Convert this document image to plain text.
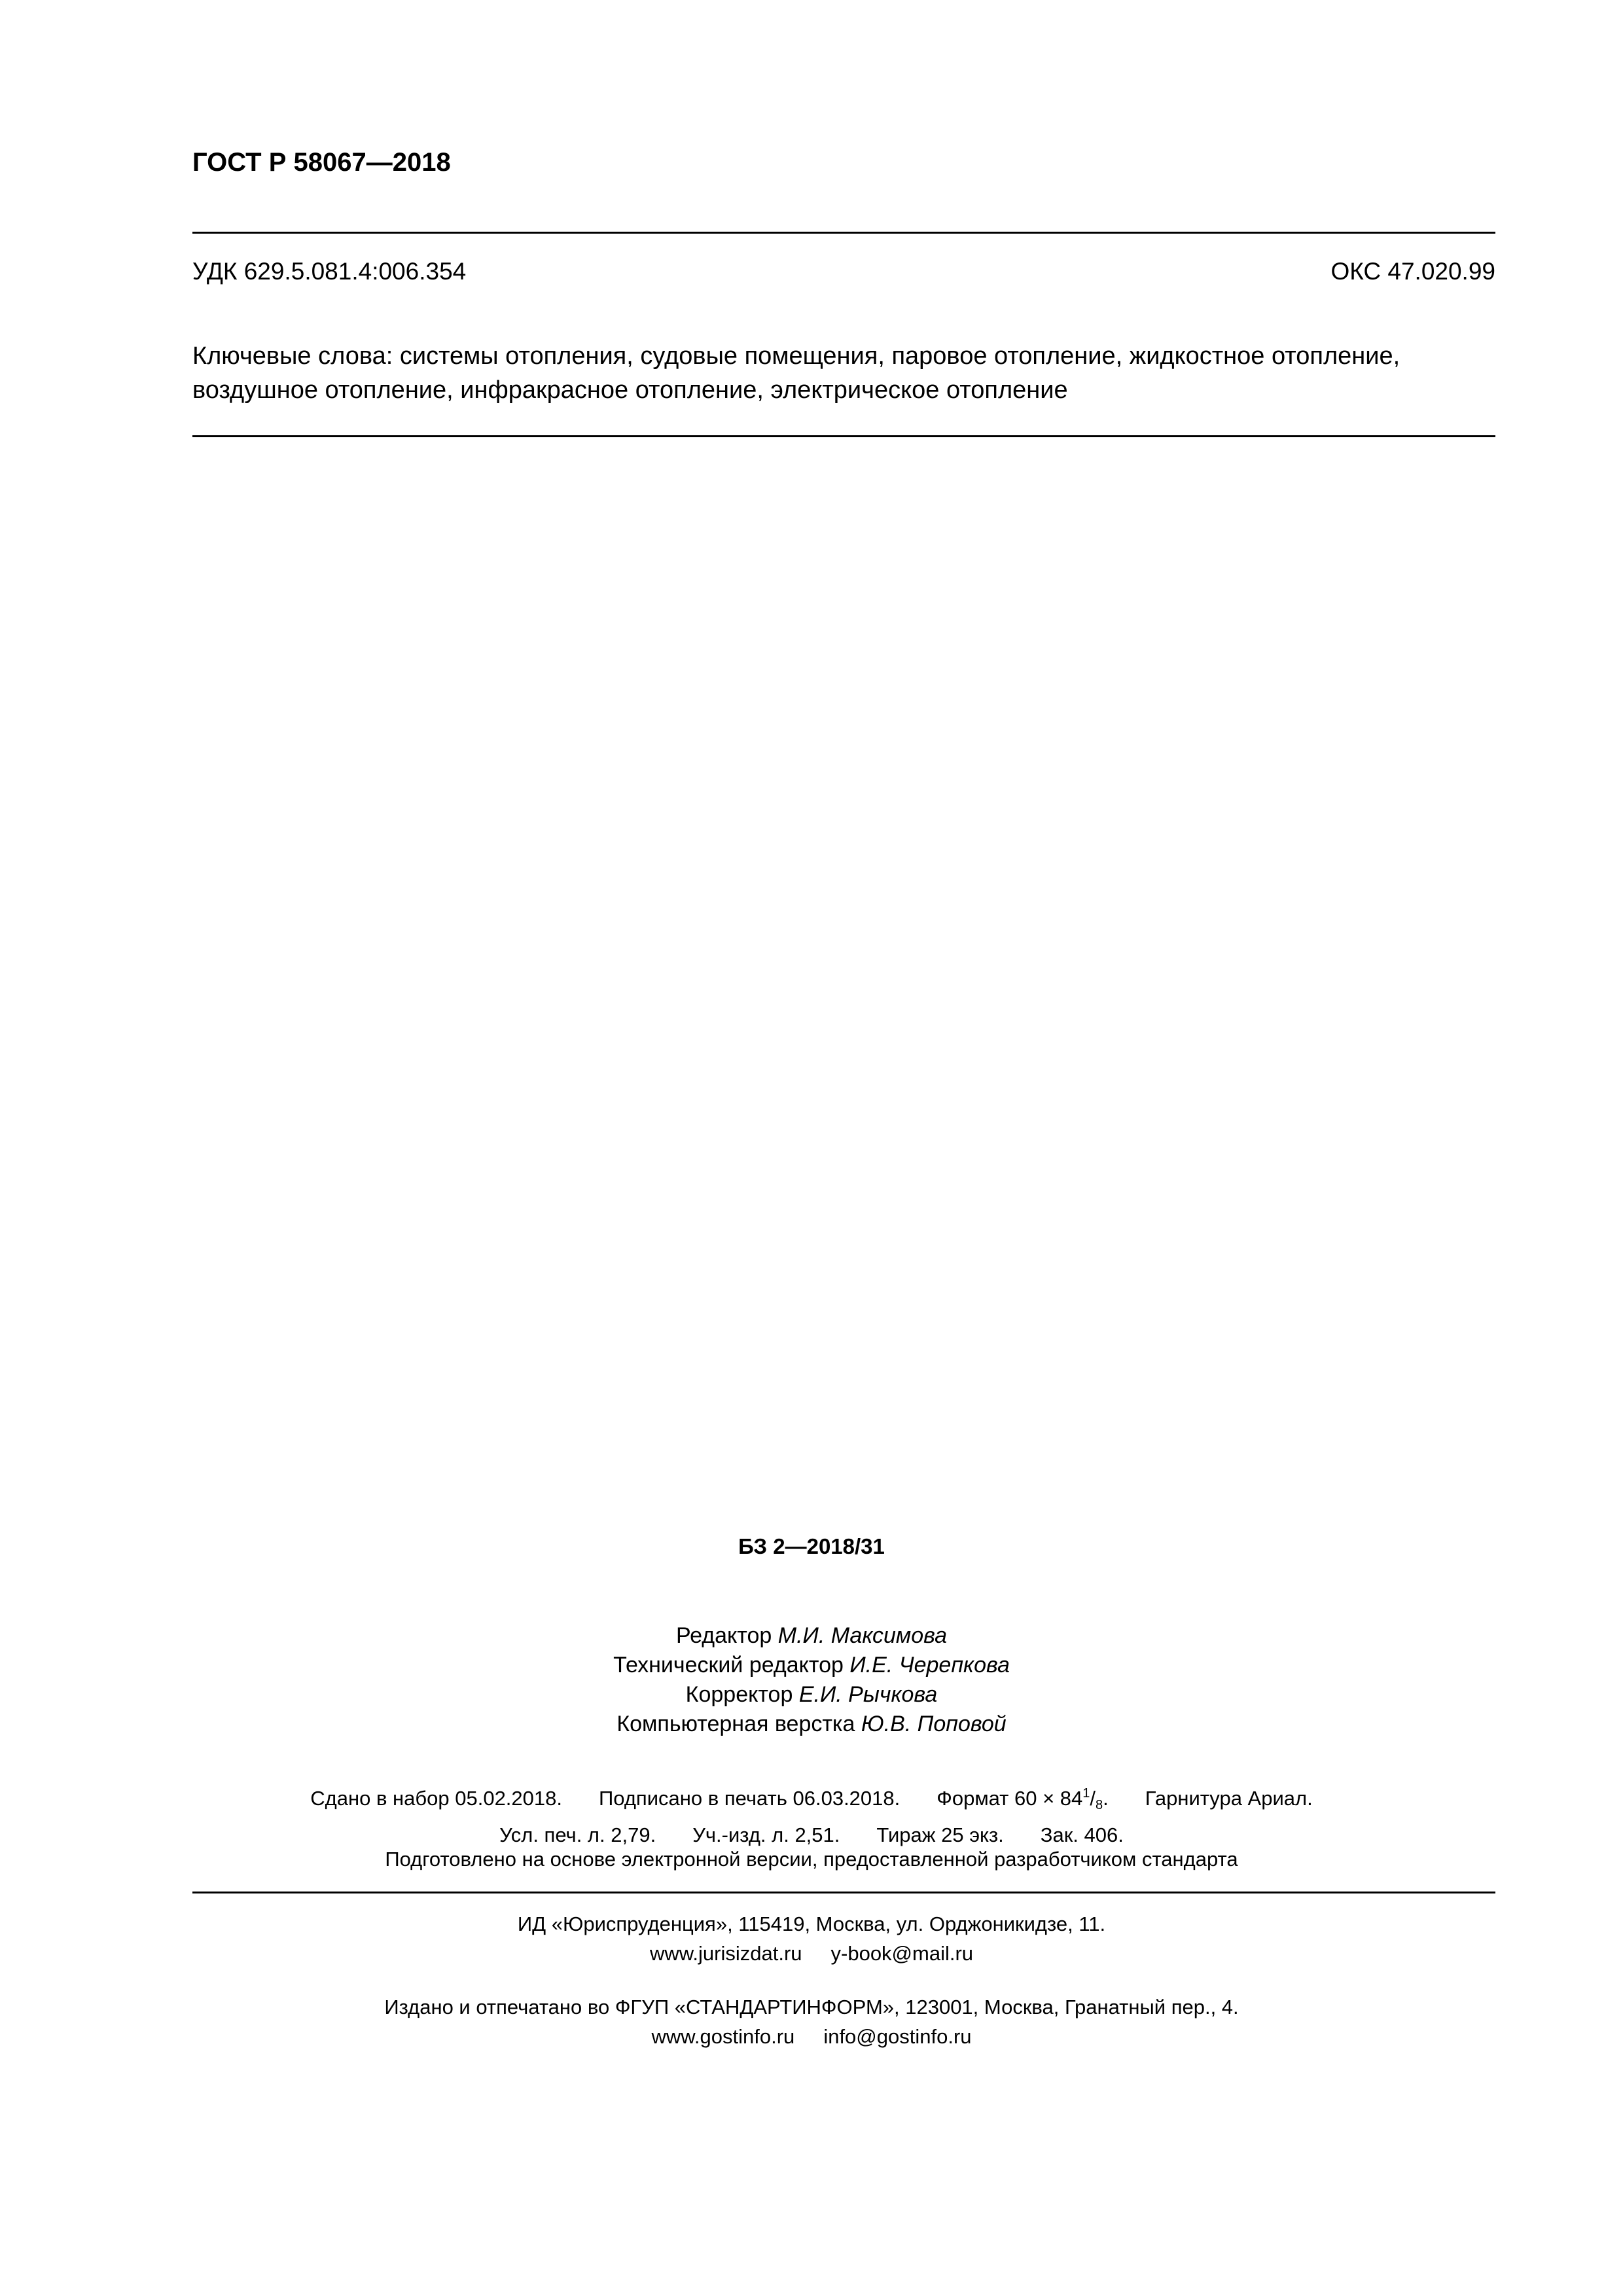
ГОСТ Р 58067—2018
УДК 629.5.081.4:006.354	ОКС 47.020.99

Ключевые слова: системы отопления, судовые помещения, паровое отопление, жидкостное отопление,

воздушное отопление, инфракрасное отопление, электрическое отопление

БЗ 2—2018/31
Редактор М.И. Максимова
Технический редактор И.Е. Черепкова
Корректор Е.И. Рычкова
Компьютерная верстка Ю.В. Поповой
Сдано в набор 05.02.2018. Подписано в печать 06.03.2018. Формат $60 \times 84^1/_8$. Гарнитура Ариал.
Усл. печ. л. 2,79. Уч.-изд. л. 2,51. Тираж 25 экз. Зак. 406.
Подготовлено на основе электронной версии, предоставленной разработчиком стандарта
ИД «Юриспруденция», 115419, Москва, ул. Орджоникидзе, 11.
www.jurisizdat.ru y-book@mail.ru
Издано и отпечатано во ФГУП «СТАНДАРТИНФОРМ», 123001, Москва, Гранатный пер., 4.
www.gostinfo.ru info@gostinfo.ru
